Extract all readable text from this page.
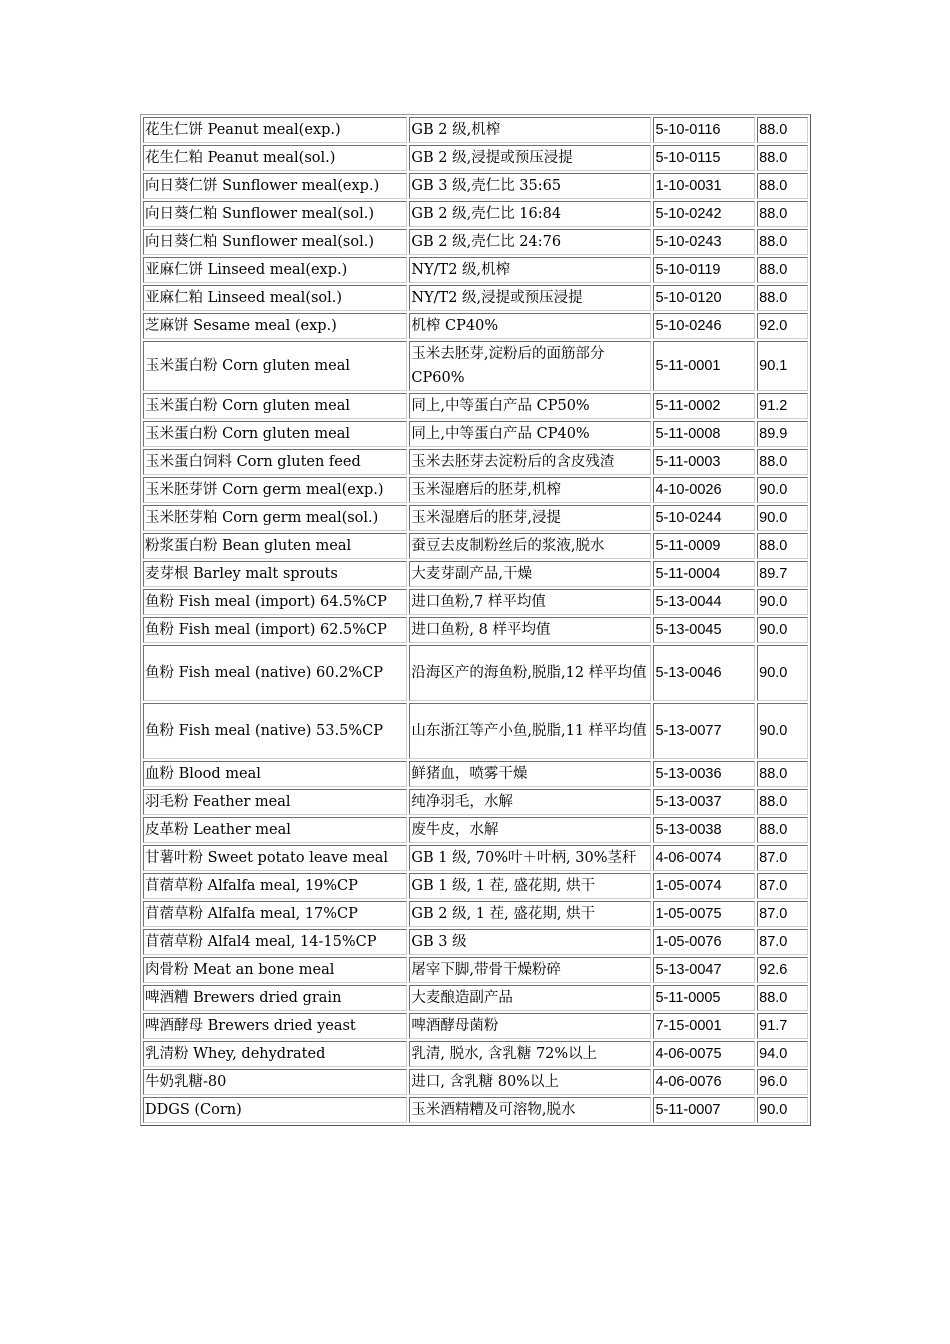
花生仁饼 Peanut meal(exp.)	GB 2 级,机榨	5-10-0116	88.0
花生仁粕 Peanut meal(sol.)	GB 2 级,浸提或预压浸提	5-10-0115	88.0
向日葵仁饼 Sunflower meal(exp.)	GB 3 级,壳仁比 35:65	1-10-0031	88.0
向日葵仁粕 Sunflower meal(sol.)	GB 2 级,壳仁比 16:84	5-10-0242	88.0
向日葵仁粕 Sunflower meal(sol.)	GB 2 级,壳仁比 24:76	5-10-0243	88.0
亚麻仁饼 Linseed meal(exp.)	NY/T2 级,机榨	5-10-0119	88.0
亚麻仁粕 Linseed meal(sol.)	NY/T2 级,浸提或预压浸提	5-10-0120	88.0
芝麻饼 Sesame meal (exp.)	机榨 CP40%	5-10-0246	92.0
玉米蛋白粉 Corn gluten meal	玉米去胚芽,淀粉后的面筋部分 CP60%	5-11-0001	90.1
玉米蛋白粉 Corn gluten meal	同上,中等蛋白产品 CP50%	5-11-0002	91.2
玉米蛋白粉 Corn gluten meal	同上,中等蛋白产品 CP40%	5-11-0008	89.9
玉米蛋白饲料 Corn gluten feed	玉米去胚芽去淀粉后的含皮残渣	5-11-0003	88.0
玉米胚芽饼 Corn germ meal(exp.)	玉米湿磨后的胚芽,机榨	4-10-0026	90.0
玉米胚芽粕 Corn germ meal(sol.)	玉米湿磨后的胚芽,浸提	5-10-0244	90.0
粉浆蛋白粉 Bean gluten meal	蚕豆去皮制粉丝后的浆液,脱水	5-11-0009	88.0
麦芽根 Barley malt sprouts	大麦芽副产品,干燥	5-11-0004	89.7
鱼粉 Fish meal (import) 64.5%CP	进口鱼粉,7 样平均值	5-13-0044	90.0
鱼粉 Fish meal (import) 62.5%CP	进口鱼粉, 8 样平均值	5-13-0045	90.0
鱼粉 Fish meal (native) 60.2%CP	沿海区产的海鱼粉,脱脂,12 样平均值	5-13-0046	90.0
鱼粉 Fish meal (native) 53.5%CP	山东浙江等产小鱼,脱脂,11 样平均值	5-13-0077	90.0
血粉 Blood meal	鲜猪血，喷雾干燥	5-13-0036	88.0
羽毛粉 Feather meal	纯净羽毛，水解	5-13-0037	88.0
皮革粉 Leather meal	废牛皮，水解	5-13-0038	88.0
甘薯叶粉 Sweet potato leave meal	GB 1 级, 70%叶＋叶柄, 30%茎秆	4-06-0074	87.0
苜蓿草粉 Alfalfa meal, 19%CP	GB 1 级, 1 茬, 盛花期, 烘干	1-05-0074	87.0
苜蓿草粉 Alfalfa meal, 17%CP	GB 2 级, 1 茬, 盛花期, 烘干	1-05-0075	87.0
苜蓿草粉 Alfal4 meal, 14-15%CP	GB 3 级	1-05-0076	87.0
肉骨粉 Meat an bone meal	屠宰下脚,带骨干燥粉碎	5-13-0047	92.6
啤酒糟 Brewers dried grain	大麦酿造副产品	5-11-0005	88.0
啤酒酵母 Brewers dried yeast	啤酒酵母菌粉	7-15-0001	91.7
乳清粉 Whey, dehydrated	乳清, 脱水, 含乳糖 72%以上	4-06-0075	94.0
牛奶乳糖-80	进口, 含乳糖 80%以上	4-06-0076	96.0
DDGS (Corn)	玉米酒精糟及可溶物,脱水	5-11-0007	90.0
